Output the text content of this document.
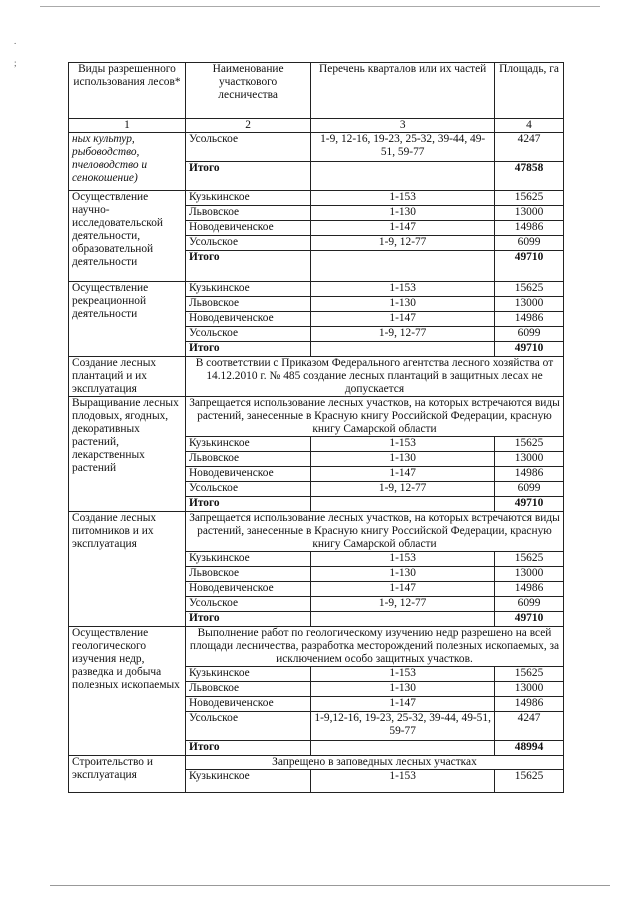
.
;	Виды разрешенного использования лесов*	Наименование участкового лесничества	Перечень кварталов или их частей	Площадь, га
1	2	3	4
ных культур, рыбоводство, пчеловодство и сенокошение)	Усольское	1-9, 12-16, 19-23, 25-32, 39-44, 49-51, 59-77	4247
	Итого		47858
Осуществление научно-исследовательской деятельности, образовательной деятельности	Кузькинское	1-153	15625
	Львовское	1-130	13000
	Новодевиченское	1-147	14986
	Усольское	1-9, 12-77	6099
	Итого		49710
Осуществление рекреационной деятельности	Кузькинское	1-153	15625
	Львовское	1-130	13000
	Новодевиченское	1-147	14986
	Усольское	1-9, 12-77	6099
	Итого		49710
Создание лесных плантаций и их эксплуатация	В соответствии с Приказом Федерального агентства лесного хозяйства от 14.12.2010 г. № 485 создание лесных плантаций в защитных лесах не допускается		
Выращивание лесных плодовых, ягодных, декоративных растений, лекарственных растений	Запрещается использование лесных участков, на которых встречаются виды растений, занесенные в Красную книгу Российской Федерации, красную книгу Самарской области		
	Кузькинское	1-153	15625
	Львовское	1-130	13000
	Новодевиченское	1-147	14986
	Усольское	1-9, 12-77	6099
	Итого		49710
Создание лесных питомников и их эксплуатация	Запрещается использование лесных участков, на которых встречаются виды растений, занесенные в Красную книгу Российской Федерации, красную книгу Самарской области		
	Кузькинское	1-153	15625
	Львовское	1-130	13000
	Новодевиченское	1-147	14986
	Усольское	1-9, 12-77	6099
	Итого		49710
Осуществление геологического изучения недр, разведка и добыча полезных ископаемых	Выполнение работ по геологическому изучению недр разрешено на всей площади лесничества, разработка месторождений полезных ископаемых, за исключением особо защитных участков.		
	Кузькинское	1-153	15625
	Львовское	1-130	13000
	Новодевиченское	1-147	14986
	Усольское	1-9,12-16, 19-23, 25-32, 39-44, 49-51, 59-77	4247
	Итого		48994
Строительство и эксплуатация	Запрещено в заповедных лесных участках		
	Кузькинское	1-153	15625
